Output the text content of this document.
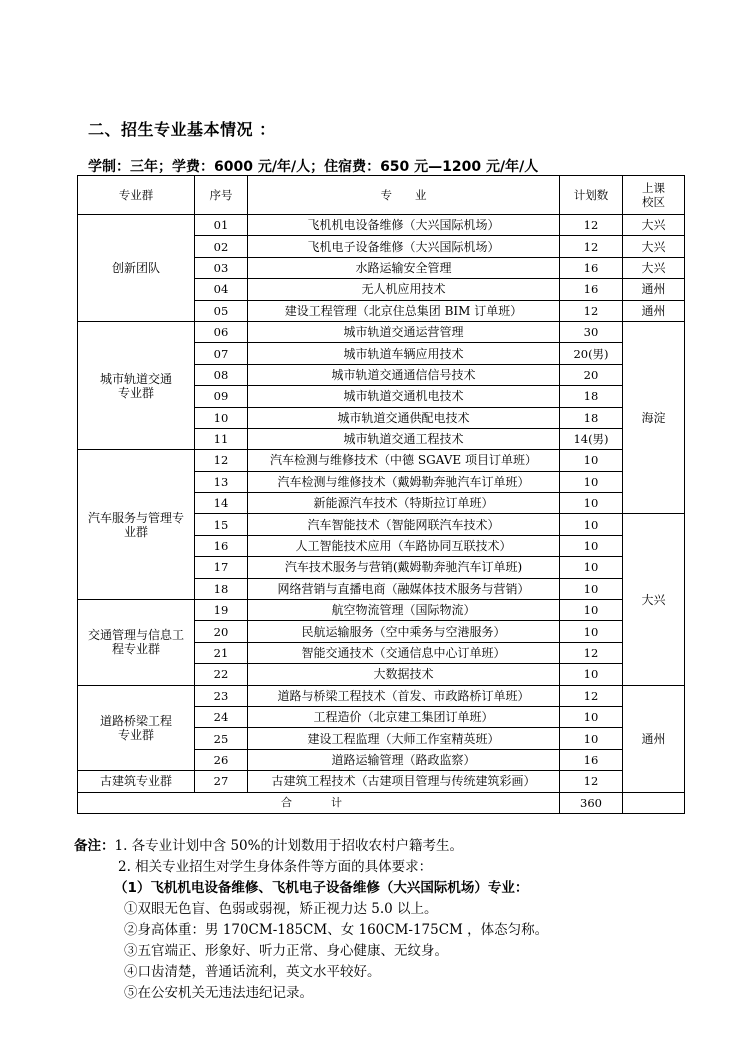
二、招生专业基本情况 ：
学制：三年；学费：6000 元/年/人；住宿费：650 元—1200 元/年/人
专业群	序号	专　　业	计划数	上课
校区
创新团队	01	飞机机电设备维修（大兴国际机场）	12	大兴
	02	飞机电子设备维修（大兴国际机场）	12	大兴
	03	水路运输安全管理	16	大兴
	04	无人机应用技术	16	通州
	05	建设工程管理（北京住总集团 BIM 订单班）	12	通州
城市轨道交通
专业群	06	城市轨道交通运营管理	30	海淀
	07	城市轨道车辆应用技术	20(男)	
	08	城市轨道交通通信信号技术	20	
	09	城市轨道交通机电技术	18	
	10	城市轨道交通供配电技术	18	
	11	城市轨道交通工程技术	14(男)	
汽车服务与管理专
业群	12	汽车检测与维修技术（中德 SGAVE 项目订单班）	10	
	13	汽车检测与维修技术（戴姆勒奔驰汽车订单班）	10	
	14	新能源汽车技术（特斯拉订单班）	10	
	15	汽车智能技术（智能网联汽车技术）	10	大兴
	16	人工智能技术应用（车路协同互联技术）	10	
	17	汽车技术服务与营销(戴姆勒奔驰汽车订单班)	10	
	18	网络营销与直播电商（融媒体技术服务与营销）	10	
交通管理与信息工
程专业群	19	航空物流管理（国际物流）	10	
	20	民航运输服务（空中乘务与空港服务）	10	
	21	智能交通技术（交通信息中心订单班）	12	
	22	大数据技术	10	
道路桥梁工程
专业群	23	道路与桥梁工程技术（首发、市政路桥订单班）	12	通州
	24	工程造价（北京建工集团订单班）	10	
	25	建设工程监理（大师工作室精英班）	10	
	26	道路运输管理（路政监察）	16	
古建筑专业群	27	古建筑工程技术（古建项目管理与传统建筑彩画）	12	
合　计			360	
备注：1. 各专业计划中含 50%的计划数用于招收农村户籍考生。
2. 相关专业招生对学生身体条件等方面的具体要求：
（1）飞机机电设备维修、飞机电子设备维修（大兴国际机场）专业：
①双眼无色盲、色弱或弱视，矫正视力达 5.0 以上。
②身高体重：男 170CM-185CM、女 160CM-175CM ，体态匀称。
③五官端正、形象好、听力正常、身心健康、无纹身。
④口齿清楚，普通话流利，英文水平较好。
⑤在公安机关无违法违纪记录。
